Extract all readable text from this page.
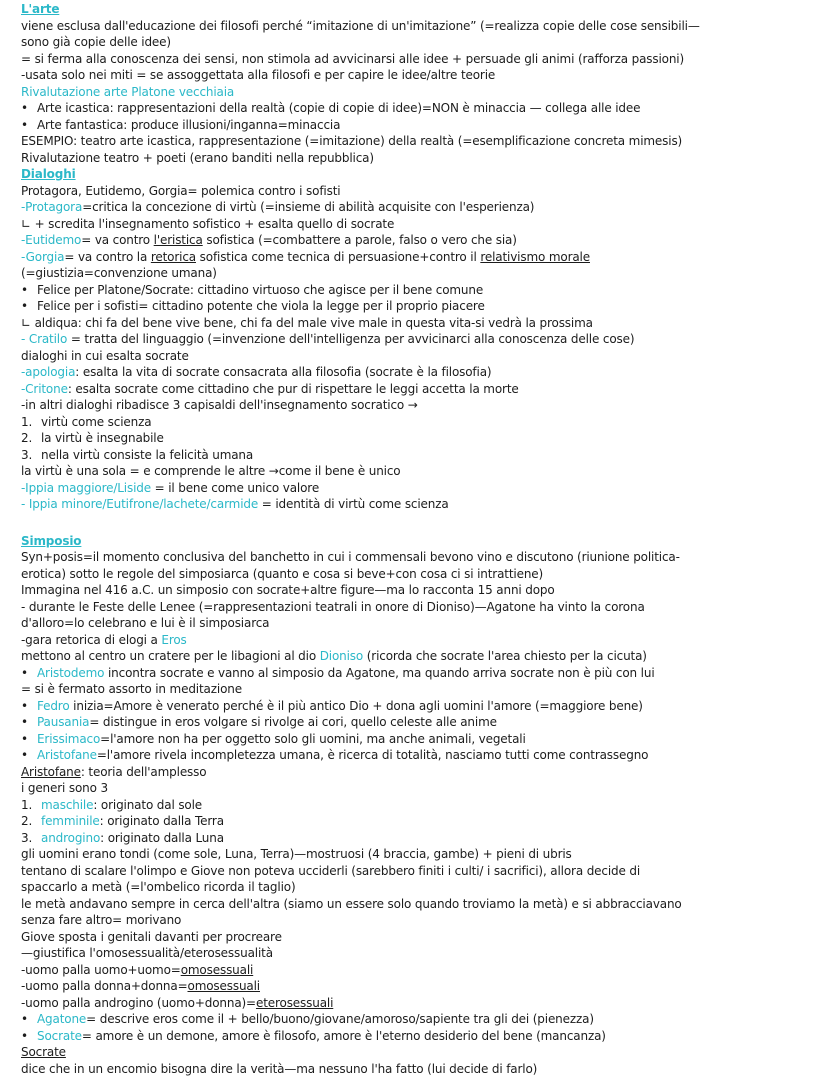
L'arte
viene esclusa dall'educazione dei filosofi perché “imitazione di un'imitazione” (=realizza copie delle cose sensibili—
sono già copie delle idee)
= si ferma alla conoscenza dei sensi, non stimola ad avvicinarsi alle idee + persuade gli animi (rafforza passioni)
-usata solo nei miti = se assoggettata alla filosofi e per capire le idee/altre teorie
Rivalutazione arte Platone vecchiaia
• Arte icastica: rappresentazioni della realtà (copie di copie di idee)=NON è minaccia — collega alle idee
• Arte fantastica: produce illusioni/inganna=minaccia
ESEMPIO: teatro arte icastica, rappresentazione (=imitazione) della realtà (=esemplificazione concreta mimesis)
Rivalutazione teatro + poeti (erano banditi nella repubblica)
Dialoghi
Protagora, Eutidemo, Gorgia= polemica contro i sofisti
-Protagora=critica la concezione di virtù (=insieme di abilità acquisite con l'esperienza)
∟ + screditа l'insegnamento sofistico + esalta quello di socrate
-Eutidemo= va contro l'eristica sofistica (=combattere a parole, falso o vero che sia)
-Gorgia= va contro la retorica sofistica come tecnica di persuasione+contro il relativismo morale
(=giustizia=convenzione umana)
• Felice per Platone/Socrate: cittadino virtuoso che agisce per il bene comune
• Felice per i sofisti= cittadino potente che viola la legge per il proprio piacere
∟ aldiqua: chi fa del bene vive bene, chi fa del male vive male in questa vita-si vedrà la prossima
- Cratilo = tratta del linguaggio (=invenzione dell'intelligenza per avvicinarci alla conoscenza delle cose)
dialoghi in cui esalta socrate
-apologia: esalta la vita di socrate consacrata alla filosofia (socrate è la filosofia)
-Critone: esalta socrate come cittadino che pur di rispettare le leggi accetta la morte
-in altri dialoghi ribadisce 3 capisaldi dell'insegnamento socratico →
1. virtù come scienza
2. la virtù è insegnabile
3. nella virtù consiste la felicità umana
la virtù è una sola = e comprende le altre →come il bene è unico
-Ippia maggiore/Liside = il bene come unico valore
- Ippia minore/Eutifrone/lachete/carmide = identità di virtù come scienza
Simposio
Syn+posis=il momento conclusiva del banchetto in cui i commensali bevono vino e discutono (riunione politica-
erotica) sotto le regole del simposiarca (quanto e cosa si beve+con cosa ci si intrattiene)
Immagina nel 416 a.C. un simposio con socrate+altre figure—ma lo racconta 15 anni dopo
- durante le Feste delle Lenee (=rappresentazioni teatrali in onore di Dioniso)—Agatone ha vinto la corona
d'alloro=lo celebrano e lui è il simposiarca
-gara retorica di elogi a Eros
mettono al centro un cratere per le libagioni al dio Dioniso (ricorda che socrate l'area chiesto per la cicuta)
• Aristodemo incontra socrate e vanno al simposio da Agatone, ma quando arriva socrate non è più con lui
= si è fermato assorto in meditazione
• Fedro inizia=Amore è venerato perché è il più antico Dio + dona agli uomini l'amore (=maggiore bene)
• Pausania= distingue in eros volgare si rivolge ai cori, quello celeste alle anime
• Erissimaco=l'amore non ha per oggetto solo gli uomini, ma anche animali, vegetali
• Aristofane=l'amore rivela incompletezza umana, è ricerca di totalità, nasciamo tutti come contrassegno
Aristofane: teoria dell'amplesso
i generi sono 3
1. maschile: originato dal sole
2. femminile: originato dalla Terra
3. androgino: originato dalla Luna
gli uomini erano tondi (come sole, Luna, Terra)—mostruosi (4 braccia, gambe) + pieni di ubris
tentano di scalare l'olimpo e Giove non poteva ucciderli (sarebbero finiti i culti/ i sacrifici), allora decide di
spaccarlo a metà (=l'ombelico ricorda il taglio)
le metà andavano sempre in cerca dell'altra (siamo un essere solo quando troviamo la metà) e si abbracciavano
senza fare altro= morivano
Giove sposta i genitali davanti per procreare
—giustifica l'omosessualità/eterosessualità
-uomo palla uomo+uomo=omosessuali
-uomo palla donna+donna=omosessuali
-uomo palla androgino (uomo+donna)=eterosessuali
• Agatone= descrive eros come il + bello/buono/giovane/amoroso/sapiente tra gli dei (pienezza)
• Socrate= amore è un demone, amore è filosofo, amore è l'eterno desiderio del bene (mancanza)
Socrate
dice che in un encomio bisogna dire la verità—ma nessuno l'ha fatto (lui decide di farlo)
